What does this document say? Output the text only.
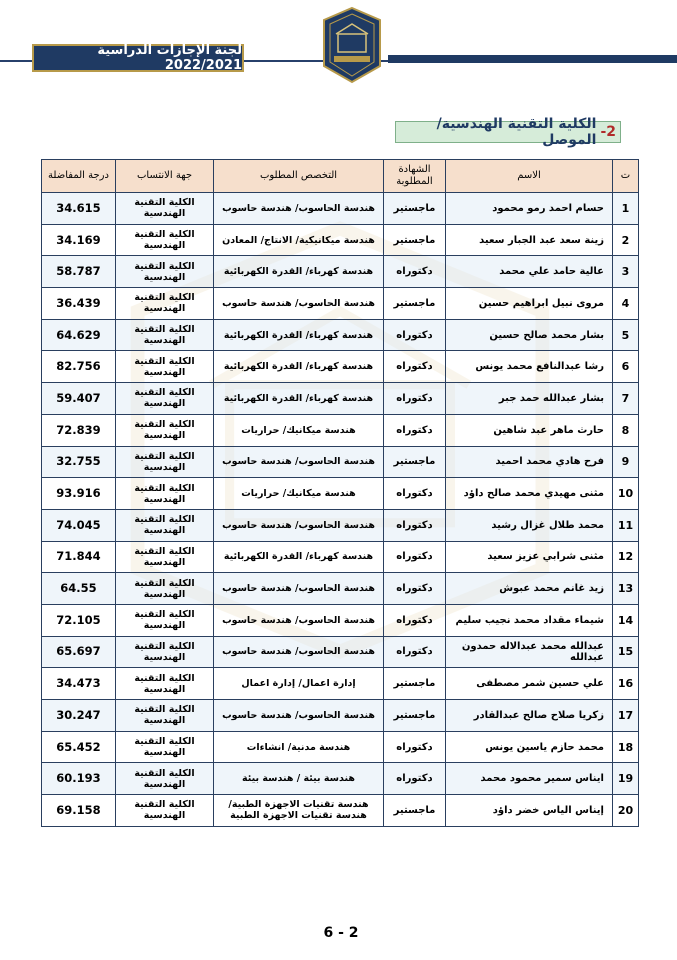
لجنة الإجازات الدراسية 2022/2021
2-
الكلية التقنية الهندسية/ الموصل
ت	الاسم	الشهادة المطلوبة	التخصص المطلوب	جهة الانتساب	درجة المفاضلة
1	حسام احمد رمو محمود	ماجستير	هندسة الحاسوب/ هندسة حاسوب	الكلية التقنية الهندسية	34.615
2	زينة سعد عبد الجبار سعيد	ماجستير	هندسة ميكانيكية/ الانتاج/ المعادن	الكلية التقنية الهندسية	34.169
3	عالية حامد علي محمد	دكتوراه	هندسة كهرباء/ القدرة الكهربائية	الكلية التقنية الهندسية	58.787
4	مروى نبيل ابراهيم حسين	ماجستير	هندسة الحاسوب/ هندسة حاسوب	الكلية التقنية الهندسية	36.439
5	بشار محمد صالح حسين	دكتوراه	هندسة كهرباء/ القدرة الكهربائية	الكلية التقنية الهندسية	64.629
6	رشا عبدالنافع محمد يونس	دكتوراه	هندسة كهرباء/ القدرة الكهربائية	الكلية التقنية الهندسية	82.756
7	بشار عبدالله حمد جبر	دكتوراه	هندسة كهرباء/ القدرة الكهربائية	الكلية التقنية الهندسية	59.407
8	حارث ماهر عبد شاهين	دكتوراه	هندسة ميكانيك/ حراريات	الكلية التقنية الهندسية	72.839
9	فرح هادي محمد احميد	ماجستير	هندسة الحاسوب/ هندسة حاسوب	الكلية التقنية الهندسية	32.755
10	مثنى مهيدي محمد صالح داؤد	دكتوراه	هندسة ميكانيك/ حراريات	الكلية التقنية الهندسية	93.916
11	محمد طلال غزال رشيد	دكتوراه	هندسة الحاسوب/ هندسة حاسوب	الكلية التقنية الهندسية	74.045
12	مثنى شرابي عزيز سعيد	دكتوراه	هندسة كهرباء/ القدرة الكهربائية	الكلية التقنية الهندسية	71.844
13	زيد غانم محمد عبوش	دكتوراه	هندسة الحاسوب/ هندسة حاسوب	الكلية التقنية الهندسية	64.55
14	شيماء مقداد محمد نجيب سليم	دكتوراه	هندسة الحاسوب/ هندسة حاسوب	الكلية التقنية الهندسية	72.105
15	عبدالله محمد عبدالاله حمدون عبدالله	دكتوراه	هندسة الحاسوب/ هندسة حاسوب	الكلية التقنية الهندسية	65.697
16	علي حسين شمر مصطفى	ماجستير	إدارة اعمال/ إدارة اعمال	الكلية التقنية الهندسية	34.473
17	زكريا صلاح صالح عبدالقادر	ماجستير	هندسة الحاسوب/ هندسة حاسوب	الكلية التقنية الهندسية	30.247
18	محمد حازم ياسين يونس	دكتوراه	هندسة مدنية/ انشاءات	الكلية التقنية الهندسية	65.452
19	ايناس سمير محمود محمد	دكتوراه	هندسة بيئة / هندسة بيئة	الكلية التقنية الهندسية	60.193
20	إيناس الياس خضر داؤد	ماجستير	هندسة تقنيات الاجهزة الطبية/ هندسة تقنيات الاجهزة الطبية	الكلية التقنية الهندسية	69.158
6 - 2
